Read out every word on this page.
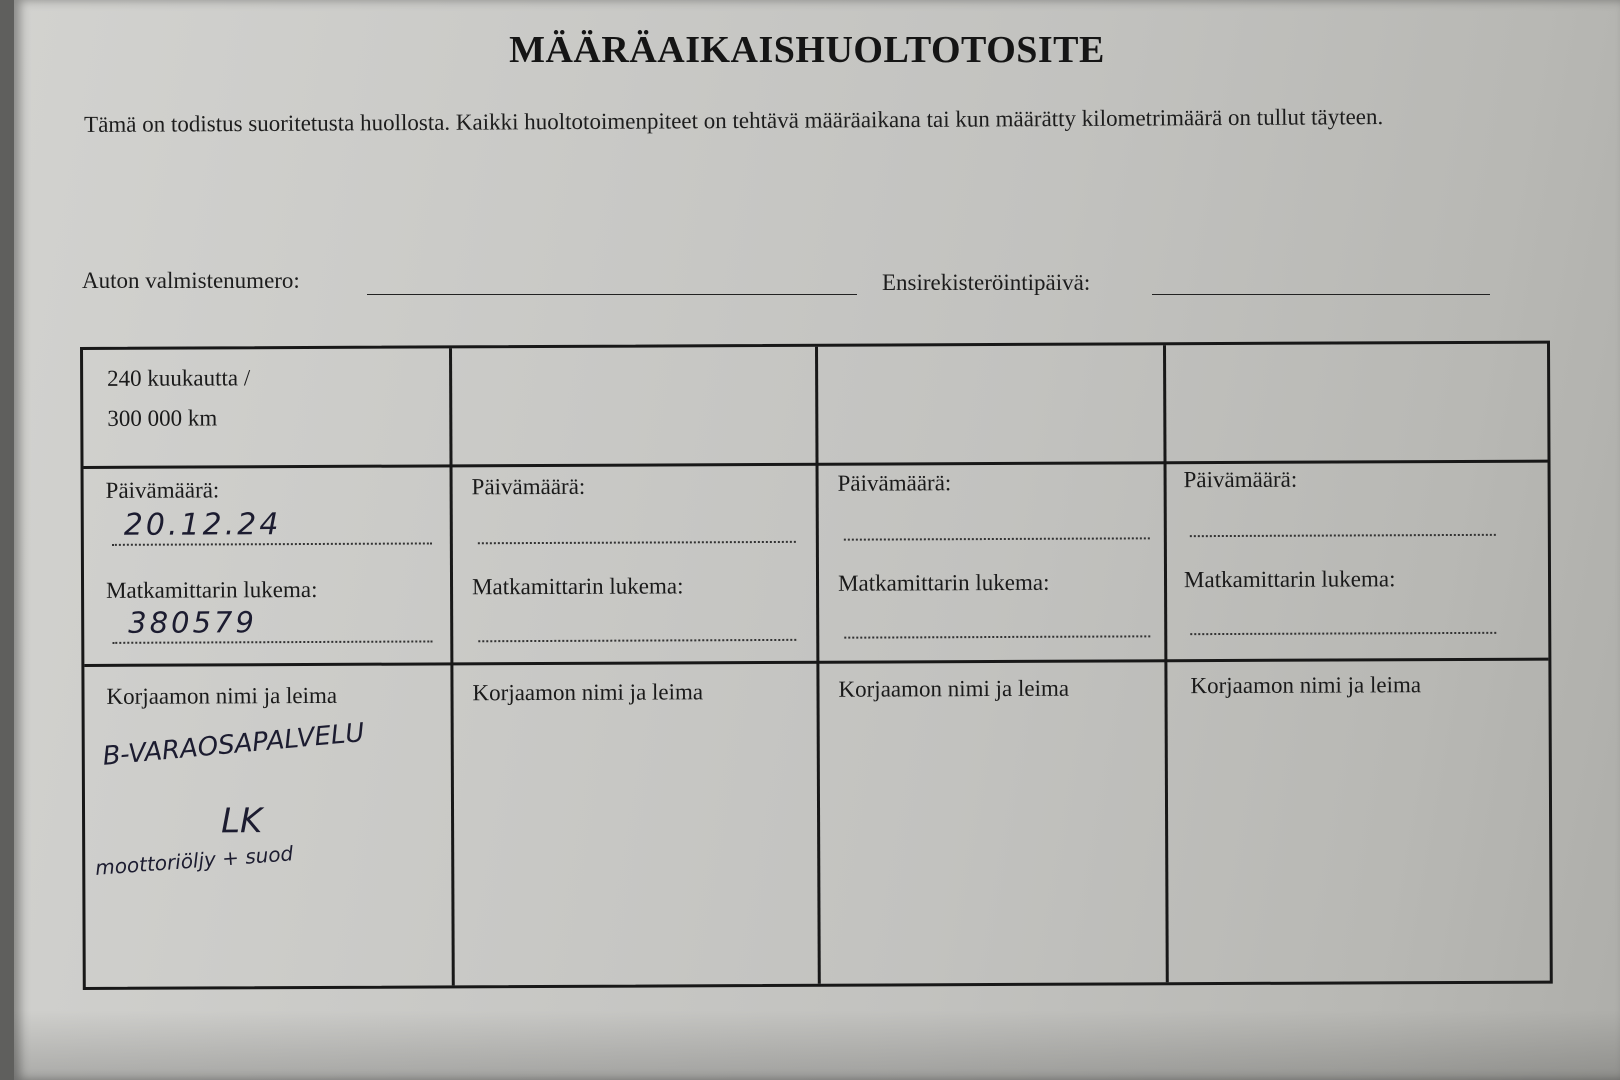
MÄÄRÄAIKAISHUOLTOTOSITE
Tämä on todistus suoritetusta huollosta. Kaikki huoltotoimenpiteet on tehtävä määräaikana tai kun määrätty kilometrimäärä on tullut täyteen.
Auton valmistenumero:	Ensirekisteröintipäivä:
240 kuukautta /
300 000 km
Päivämäärä:
20.12.24
Matkamittarin lukema:
380579
Korjaamon nimi ja leima
B-VARAOSAPALVELU
LK
moottoriöljy + suod
Päivämäärä:
Matkamittarin lukema:
Korjaamon nimi ja leima
Päivämäärä:
Matkamittarin lukema:
Korjaamon nimi ja leima
Päivämäärä:
Matkamittarin lukema:
Korjaamon nimi ja leima
